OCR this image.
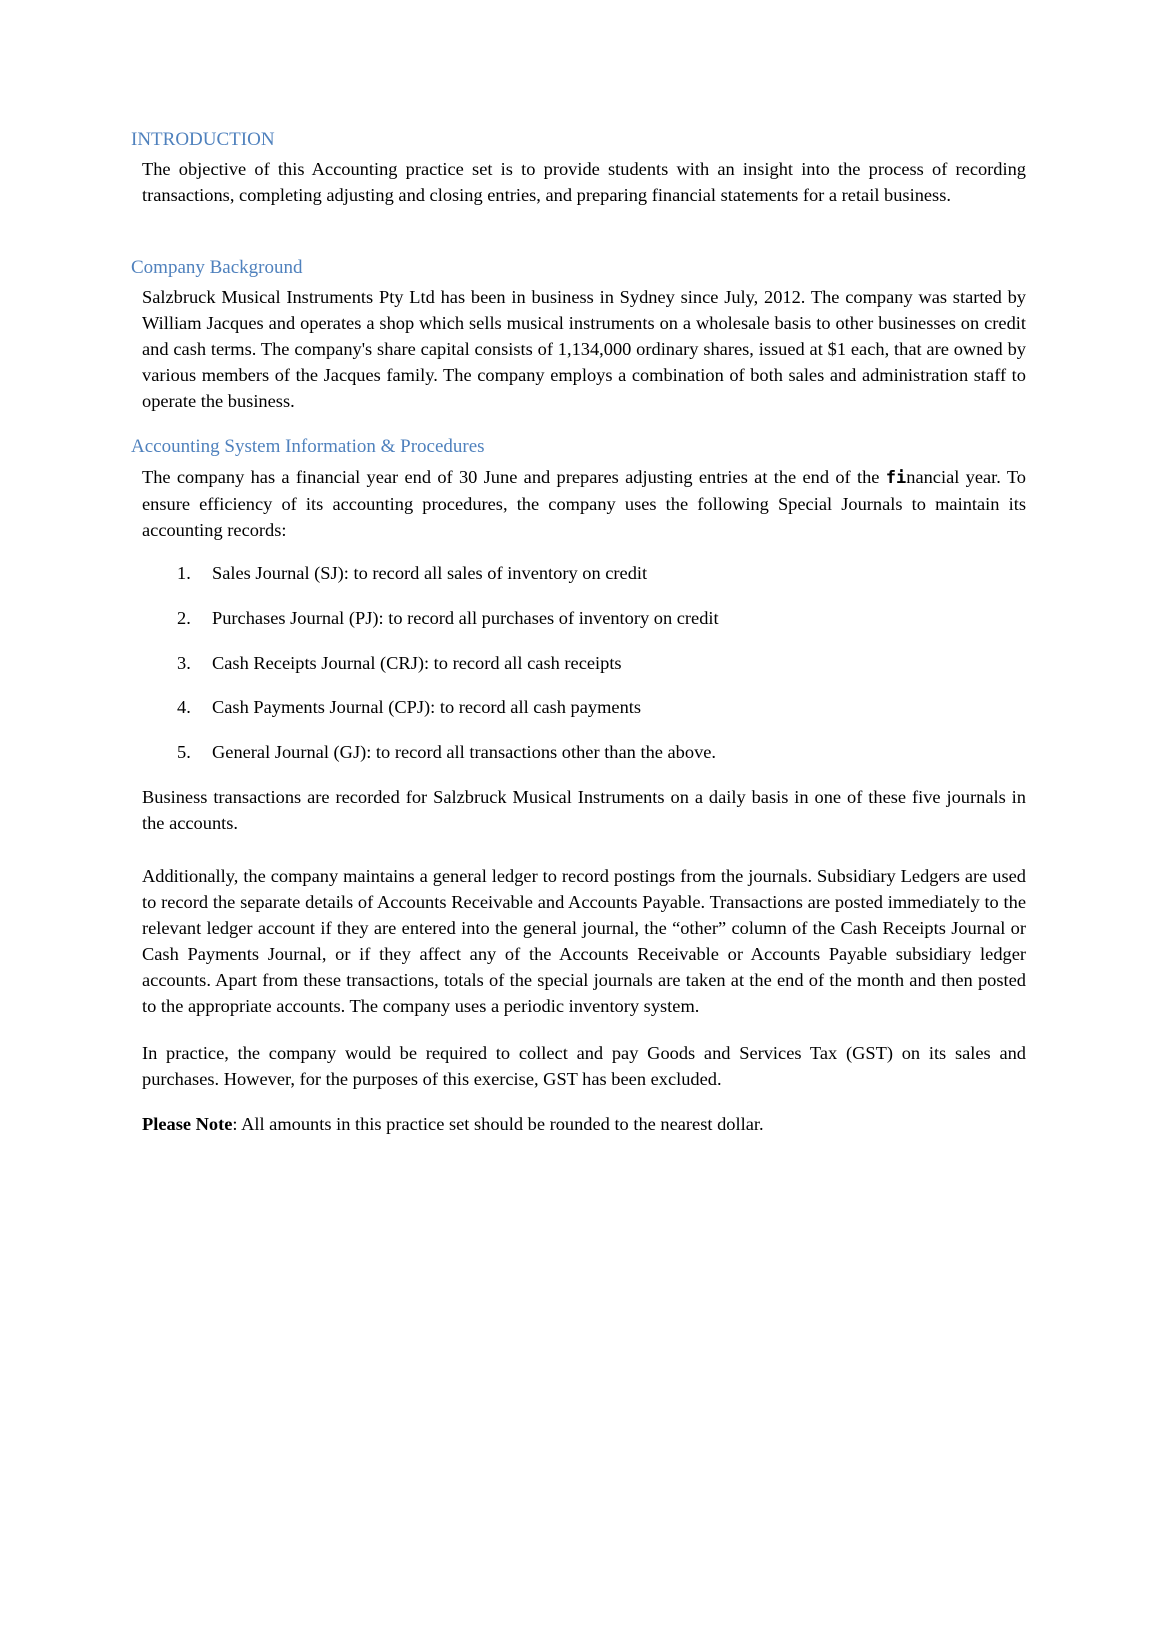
INTRODUCTION

The objective of this Accounting practice set is to provide students with an insight into the process of recording transactions, completing adjusting and closing entries, and preparing financial statements for a retail business.

Company Background

Salzbruck Musical Instruments Pty Ltd has been in business in Sydney since July, 2012. The company was started by William Jacques and operates a shop which sells musical instruments on a wholesale basis to other businesses on credit and cash terms. The company's share capital consists of 1,134,000 ordinary shares, issued at $1 each, that are owned by various members of the Jacques family. The company employs a combination of both sales and administration staff to operate the business.

Accounting System Information & Procedures

The company has a financial year end of 30 June and prepares adjusting entries at the end of the financial year. To ensure efficiency of its accounting procedures, the company uses the following Special Journals to maintain its accounting records:

1. Sales Journal (SJ): to record all sales of inventory on credit
2. Purchases Journal (PJ): to record all purchases of inventory on credit
3. Cash Receipts Journal (CRJ): to record all cash receipts
4. Cash Payments Journal (CPJ): to record all cash payments
5. General Journal (GJ): to record all transactions other than the above.

Business transactions are recorded for Salzbruck Musical Instruments on a daily basis in one of these five journals in the accounts.

Additionally, the company maintains a general ledger to record postings from the journals. Subsidiary Ledgers are used to record the separate details of Accounts Receivable and Accounts Payable. Transactions are posted immediately to the relevant ledger account if they are entered into the general journal, the “other” column of the Cash Receipts Journal or Cash Payments Journal, or if they affect any of the Accounts Receivable or Accounts Payable subsidiary ledger accounts. Apart from these transactions, totals of the special journals are taken at the end of the month and then posted to the appropriate accounts. The company uses a periodic inventory system.

In practice, the company would be required to collect and pay Goods and Services Tax (GST) on its sales and purchases. However, for the purposes of this exercise, GST has been excluded.

Please Note: All amounts in this practice set should be rounded to the nearest dollar.
